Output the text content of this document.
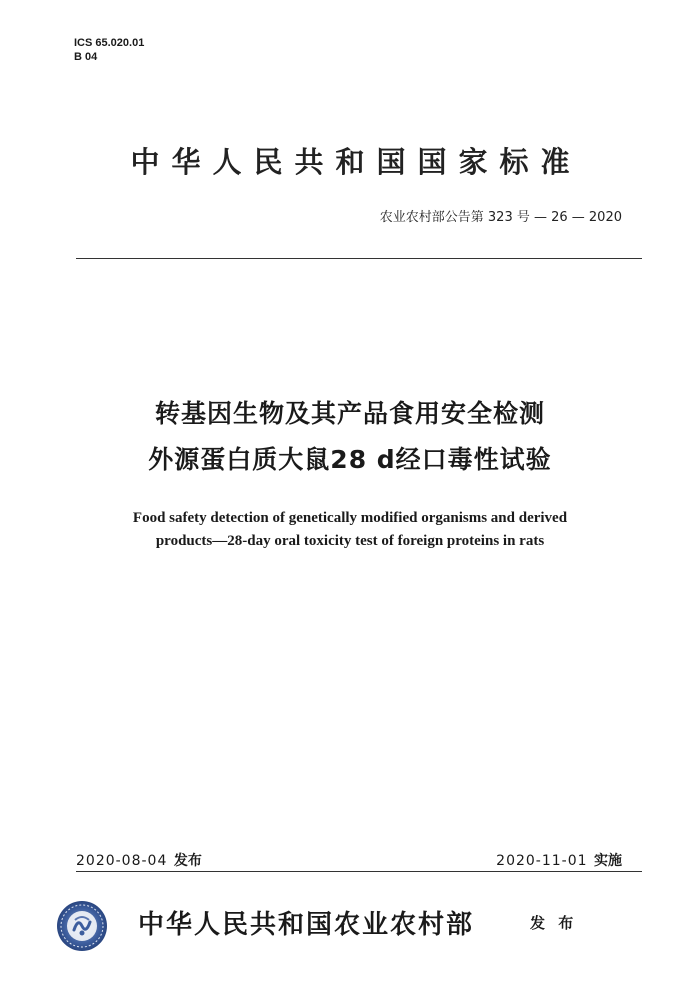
ICS 65.020.01
B 04
中华人民共和国国家标准
农业农村部公告第 323 号 — 26 — 2020
转基因生物及其产品食用安全检测
外源蛋白质大鼠28 d经口毒性试验
Food safety detection of genetically modified organisms and derived
products—28-day oral toxicity test of foreign proteins in rats
2020-08-04 发布	2020-11-01 实施
中华人民共和国农业农村部	发 布
